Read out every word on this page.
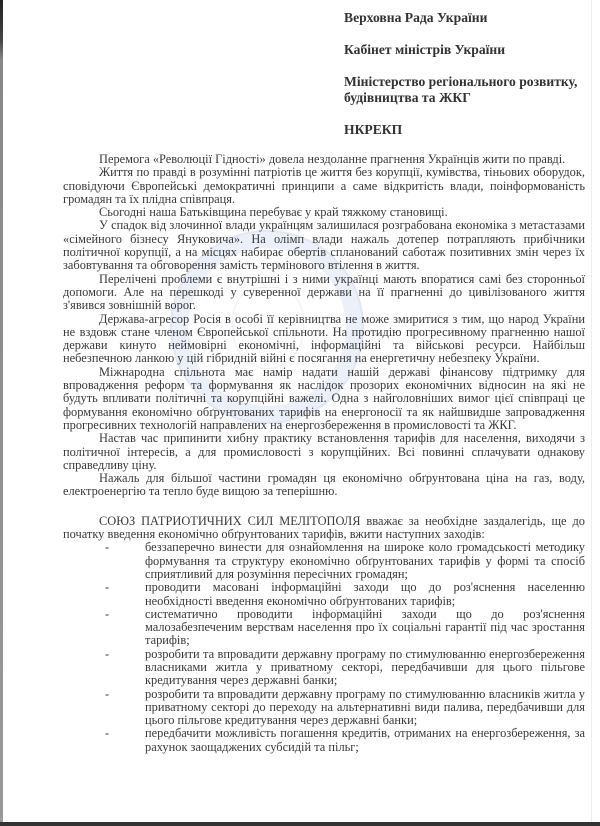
Верховна Рада України

Кабінет міністрів України

Міністерство регіонального розвитку, будівництва та ЖКГ

НКРЕКП

Перемога «Революції Гідності» довела нездоланне прагнення Українців жити по правді.

Життя по правді в розумінні патріотів це життя без корупції, кумівства, тіньових оборудок, сповідуючи Європейські демократичні принципи а саме відкритість влади, поінформованість громадян та їх плідна співпраця.

Сьогодні наша Батьківщина перебуває у край тяжкому становищі.

У спадок від злочинної влади українцям залишилася розграбована економіка з метастазами «сімейного бізнесу Януковича». На олімп влади нажаль дотепер потрапляють прибічники політичної корупції, а на місцях набирає обертів спланований саботаж позитивних змін через їх забовтування та обговорення замість термінового втілення в життя.

Перелічені проблеми є внутрішні і з ними українці мають впоратися самі без сторонньої допомоги. Але на перешкоді у суверенної держави на її прагненні до цивілізованого життя з'явився зовнішній ворог.

Держава-агресор Росія в особі її керівництва не може змиритися з тим, що народ України не вздовж стане членом Європейської спільноти. На протидію прогресивному прагненню нашої держави кинуто неймовірні економічні, інформаційні та військові ресурси. Найбільш небезпечною ланкою у цій гібридній війні є посягання на енергетичну небезпеку України.

Міжнародна спільнота має намір надати нашій державі фінансову підтримку для впровадження реформ та формування як наслідок прозорих економічних відносин на які не будуть впливати політичні та корупційні важелі. Одна з найголовніших вимог цієї співпраці це формування економічно обґрунтованих тарифів на енергоносії та як найшвидше запровадження прогресивних технологій направлених на енергозбереження в промисловості та ЖКГ.

Настав час припинити хибну практику встановлення тарифів для населення, виходячи з політичної інтересів, а для промисловості з корупційних. Всі повинні сплачувати однакову справедливу ціну.

Нажаль для більшої частини громадян ця економічно обґрунтована ціна на газ, воду, електроенергію та тепло буде вищою за теперішню.

СОЮЗ ПАТРИОТИЧНИХ СИЛ МЕЛІТОПОЛЯ вважає за необхідне заздалегідь, ще до початку введення економічно обґрунтованих тарифів, вжити наступних заходів:

-	беззаперечно винести для ознайомлення на широке коло громадськості методику формування та структуру економічно обґрунтованих тарифів у формі та спосіб сприятливий для розуміння пересічних громадян;
-	проводити масовані інформаційні заходи що до роз'яснення населенню необхідності введення економічно обґрунтованих тарифів;
-	систематично проводити інформаційні заходи що до роз'яснення малозабезпеченим верствам населення про їх соціальні гарантії під час зростання тарифів;
-	розробити та впровадити державну програму по стимулюванню енергозбереження власниками житла у приватному секторі, передбачивши для цього пільгове кредитування через державні банки;
-	розробити та впровадити державну програму по стимулюванню власників житла у приватному секторі до переходу на альтернативні види палива, передбачивши для цього пільгове кредитування через державні банки;
-	передбачити можливість погашення кредитів, отриманих на енергозбереження, за рахунок заощаджених субсидій та пільг;
